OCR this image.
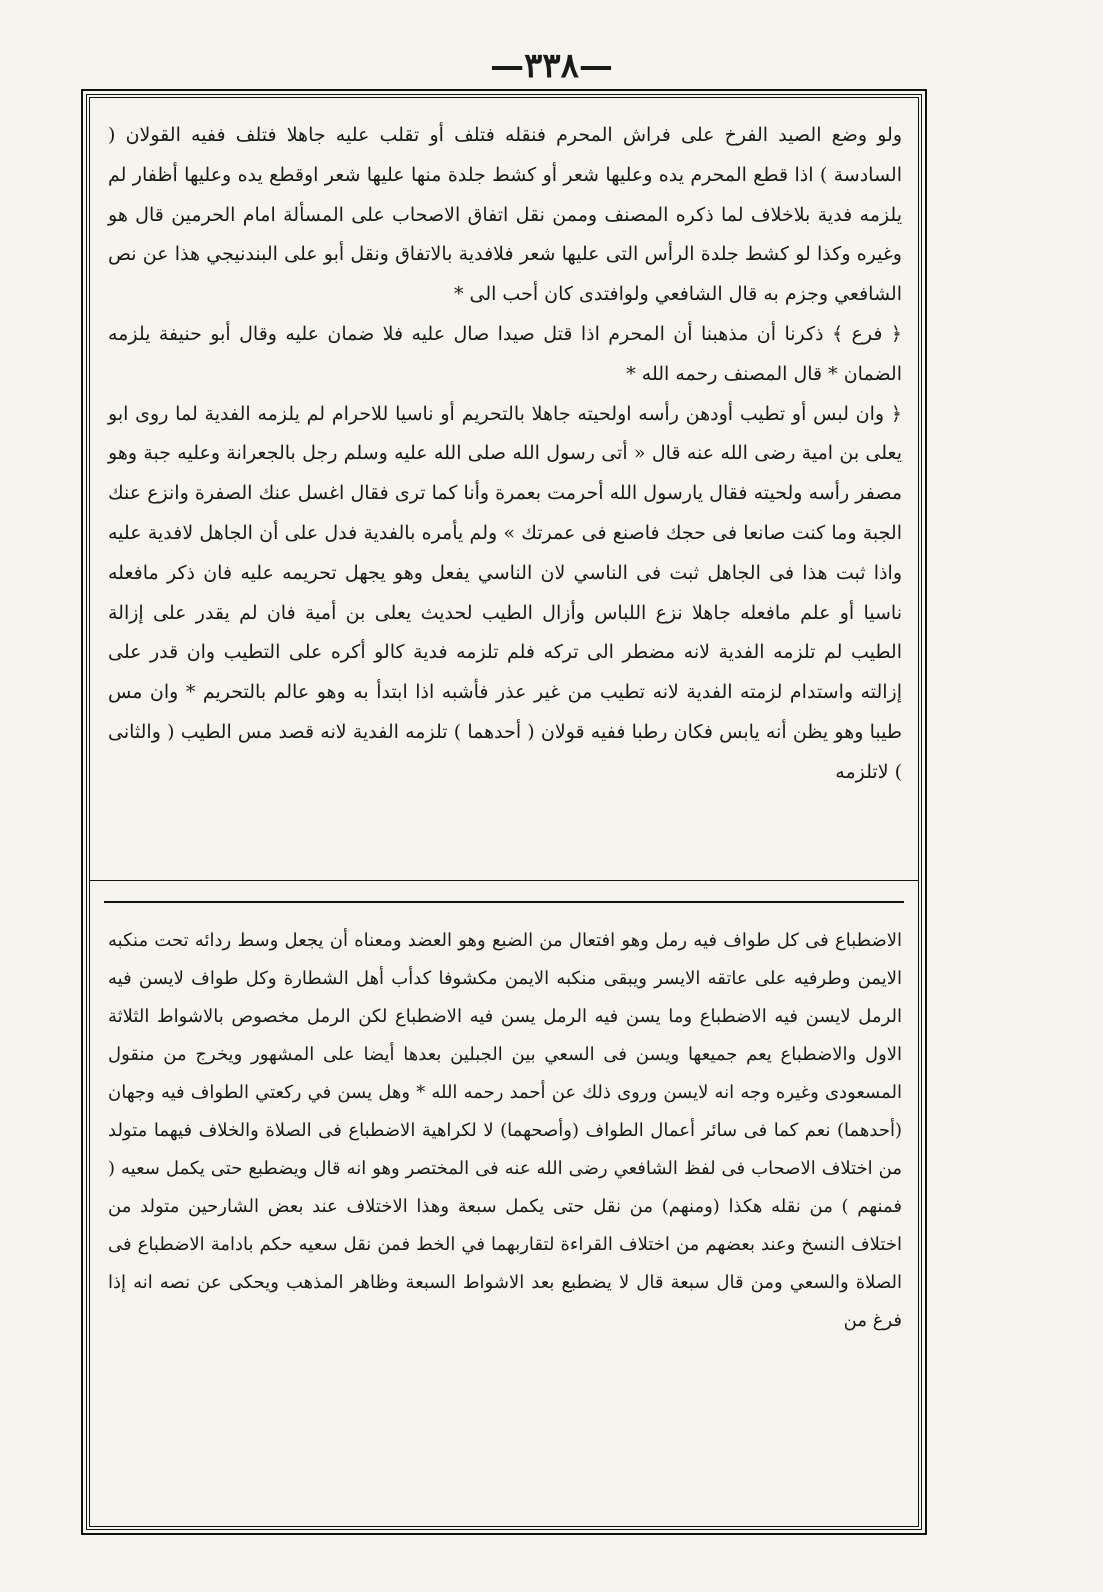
—٣٣٨—

ولو وضع الصيد الفرخ على فراش المحرم فنقله فتلف أو تقلب عليه جاهلا فتلف ففيه القولان ( السادسة ) اذا قطع المحرم يده وعليها شعر أو كشط جلدة منها عليها شعر اوقطع يده وعليها أظفار لم يلزمه فدية بلاخلاف لما ذكره المصنف وممن نقل اتفاق الاصحاب على المسألة امام الحرمين قال هو وغيره وكذا لو كشط جلدة الرأس التى عليها شعر فلافدية بالاتفاق ونقل أبو على البندنيجي هذا عن نص الشافعي وجزم به قال الشافعي ولوافتدى كان أحب الى *

﴿ فرع ﴾ ذكرنا أن مذهبنا أن المحرم اذا قتل صيدا صال عليه فلا ضمان عليه وقال أبو حنيفة يلزمه الضمان * قال المصنف رحمه الله *

﴿ وان لبس أو تطيب أودهن رأسه اولحيته جاهلا بالتحريم أو ناسيا للاحرام لم يلزمه الفدية لما روى ابو يعلى بن امية رضى الله عنه قال « أتى رسول الله صلى الله عليه وسلم رجل بالجعرانة وعليه جبة وهو مصفر رأسه ولحيته فقال يارسول الله أحرمت بعمرة وأنا كما ترى فقال اغسل عنك الصفرة وانزع عنك الجبة وما كنت صانعا فى حجك فاصنع فى عمرتك » ولم يأمره بالفدية فدل على أن الجاهل لافدية عليه واذا ثبت هذا فى الجاهل ثبت فى الناسي لان الناسي يفعل وهو يجهل تحريمه عليه فان ذكر مافعله ناسيا أو علم مافعله جاهلا نزع اللباس وأزال الطيب لحديث يعلى بن أمية فان لم يقدر على إزالة الطيب لم تلزمه الفدية لانه مضطر الى تركه فلم تلزمه فدية كالو أكره على التطيب وان قدر على إزالته واستدام لزمته الفدية لانه تطيب من غير عذر فأشبه اذا ابتدأ به وهو عالم بالتحريم * وان مس طيبا وهو يظن أنه يابس فكان رطبا ففيه قولان ( أحدهما ) تلزمه الفدية لانه قصد مس الطيب ( والثانى ) لاتلزمه

الاضطباع فى كل طواف فيه رمل وهو افتعال من الضبع وهو العضد ومعناه أن يجعل وسط ردائه تحت منكبه الايمن وطرفيه على عاتقه الايسر ويبقى منكبه الايمن مكشوفا كدأب أهل الشطارة وكل طواف لايسن فيه الرمل لايسن فيه الاضطباع وما يسن فيه الرمل يسن فيه الاضطباع لكن الرمل مخصوص بالاشواط الثلاثة الاول والاضطباع يعم جميعها ويسن فى السعي بين الجبلين بعدها أيضا على المشهور ويخرج من منقول المسعودى وغيره وجه انه لايسن وروى ذلك عن أحمد رحمه الله * وهل يسن في ركعتي الطواف فيه وجهان (أحدهما) نعم كما فى سائر أعمال الطواف (وأصحهما) لا لكراهية الاضطباع فى الصلاة والخلاف فيهما متولد من اختلاف الاصحاب فى لفظ الشافعي رضى الله عنه فى المختصر وهو انه قال ويضطبع حتى يكمل سعيه ( فمنهم ) من نقله هكذا (ومنهم) من نقل حتى يكمل سبعة وهذا الاختلاف عند بعض الشارحين متولد من اختلاف النسخ وعند بعضهم من اختلاف القراءة لتقاربهما في الخط فمن نقل سعيه حكم بادامة الاضطباع فى الصلاة والسعي ومن قال سبعة قال لا يضطبع بعد الاشواط السبعة وظاهر المذهب ويحكى عن نصه انه إذا فرغ من
